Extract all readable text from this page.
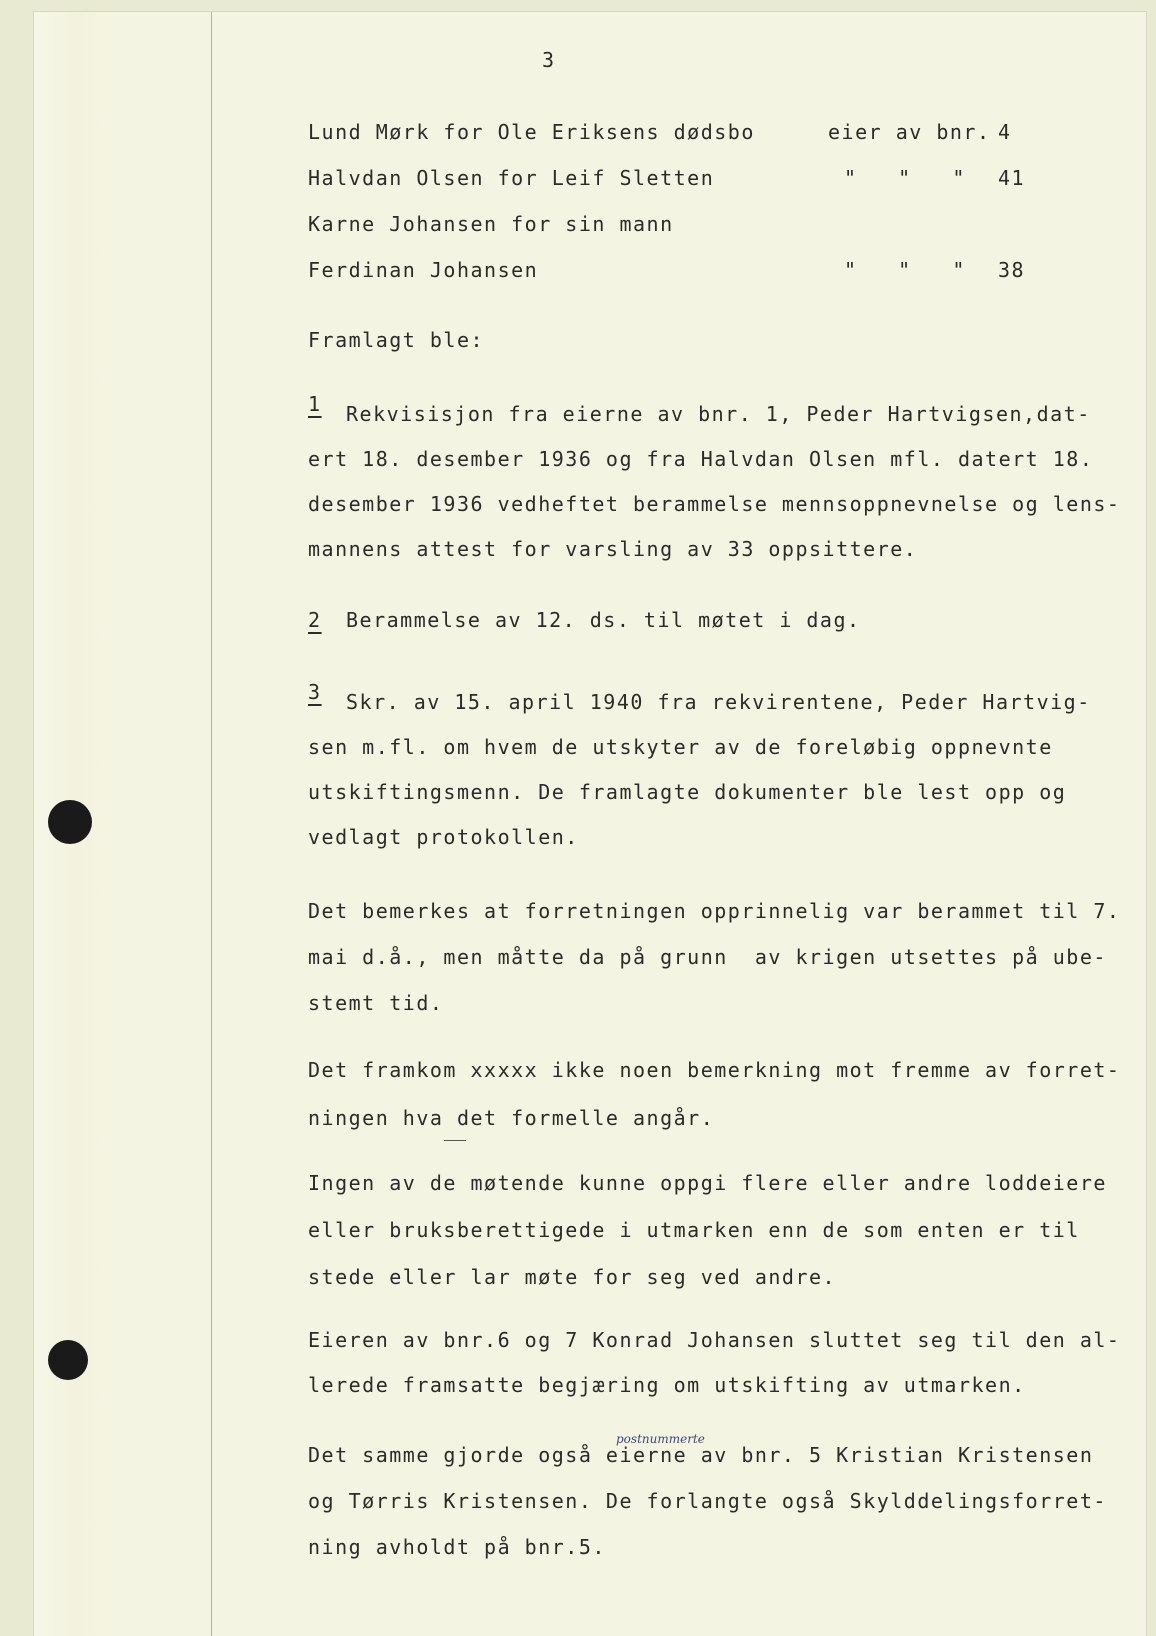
3
Lund Mørk for Ole Eriksens dødsbo	eier av bnr. 4
Halvdan Olsen for Leif Sletten	"   "   " 41
Karne Johansen for sin mann
Ferdinan Johansen	"   "   " 38
Framlagt ble:
1 Rekvisisjon fra eierne av bnr. 1, Peder Hartvigsen,dat-
ert 18. desember 1936 og fra Halvdan Olsen mfl. datert 18.
desember 1936 vedheftet berammelse mennsoppnevnelse og lens-
mannens attest for varsling av 33 oppsittere.
2 Berammelse av 12. ds. til møtet i dag.
3 Skr. av 15. april 1940 fra rekvirentene, Peder Hartvig-
sen m.fl. om hvem de utskyter av de foreløbig oppnevnte
utskiftingsmenn. De framlagte dokumenter ble lest opp og
vedlagt protokollen.
Det bemerkes at forretningen opprinnelig var berammet til 7.
mai d.å., men måtte da på grunn  av krigen utsettes på ube-
stemt tid.
Det framkom xxxxx ikke noen bemerkning mot fremme av forret-
ningen hva det formelle angår.
Ingen av de møtende kunne oppgi flere eller andre loddeiere
eller bruksberettigede i utmarken enn de som enten er til
stede eller lar møte for seg ved andre.
Eieren av bnr.6 og 7 Konrad Johansen sluttet seg til den al-
lerede framsatte begjæring om utskifting av utmarken.
postnummerte
Det samme gjorde også eierne av bnr. 5 Kristian Kristensen
og Tørris Kristensen. De forlangte også Skylddelingsforret-
ning avholdt på bnr.5.
